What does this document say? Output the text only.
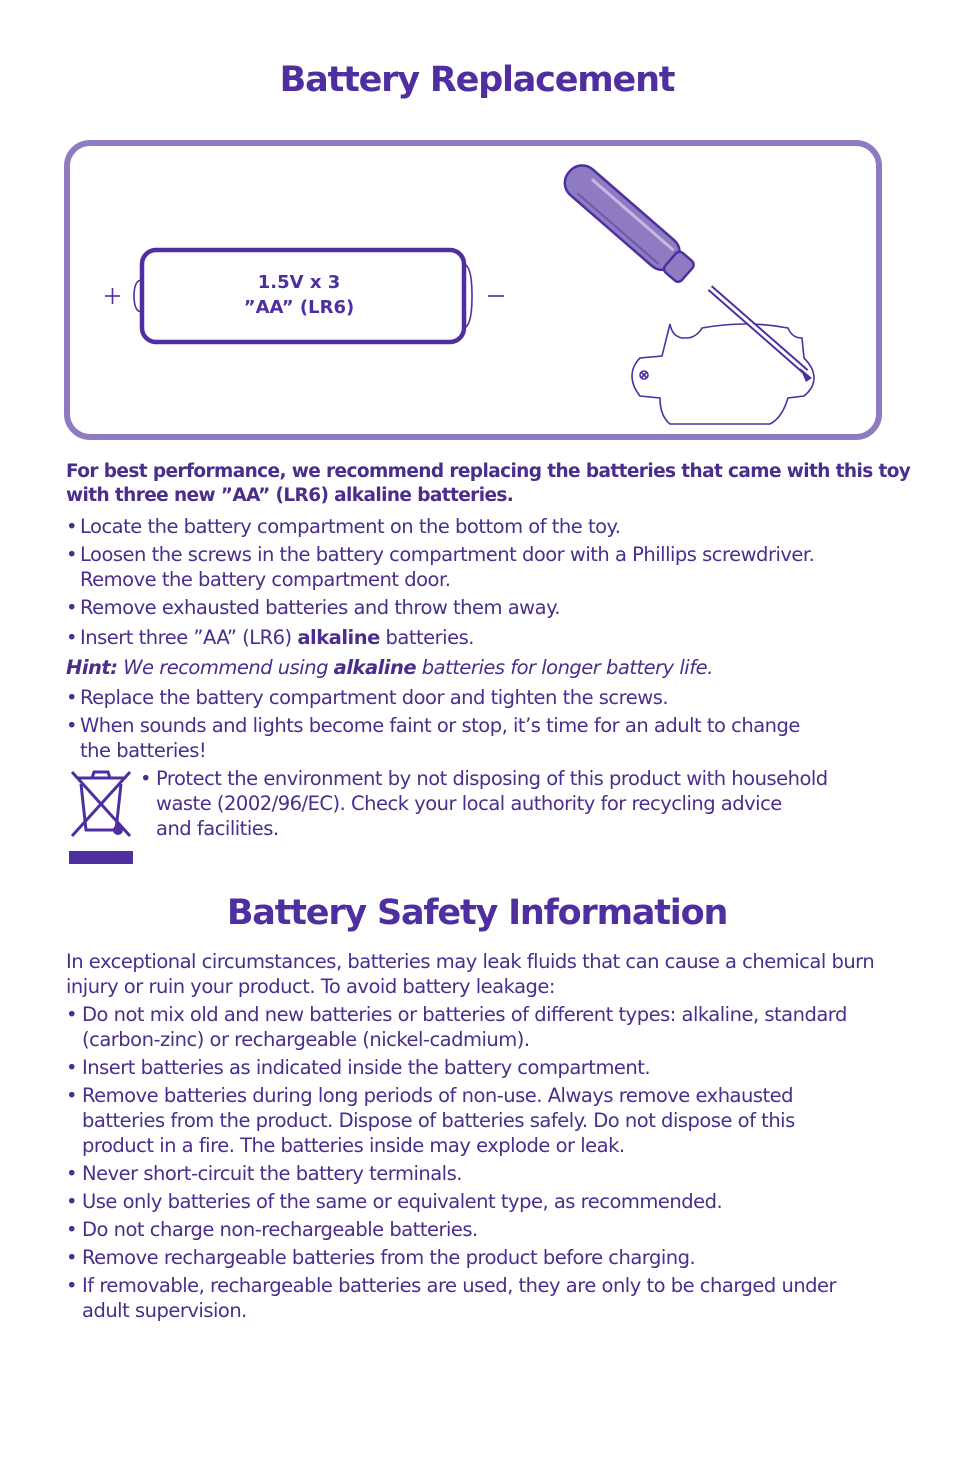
Battery Replacement
1.5V x 3
”AA” (LR6)
For best performance, we recommend replacing the batteries that came with this toy
with three new ”AA” (LR6) alkaline batteries.
• Locate the battery compartment on the bottom of the toy.
• Loosen the screws in the battery compartment door with a Phillips screwdriver.
Remove the battery compartment door.
• Remove exhausted batteries and throw them away.
• Insert three ”AA” (LR6) alkaline batteries.
Hint: We recommend using alkaline batteries for longer battery life.
• Replace the battery compartment door and tighten the screws.
• When sounds and lights become faint or stop, it’s time for an adult to change
the batteries!
• Protect the environment by not disposing of this product with household
waste (2002/96/EC). Check your local authority for recycling advice
and facilities.
Battery Safety Information
In exceptional circumstances, batteries may leak fluids that can cause a chemical burn
injury or ruin your product. To avoid battery leakage:
• Do not mix old and new batteries or batteries of different types: alkaline, standard
(carbon-zinc) or rechargeable (nickel-cadmium).
• Insert batteries as indicated inside the battery compartment.
• Remove batteries during long periods of non-use. Always remove exhausted
batteries from the product. Dispose of batteries safely. Do not dispose of this
product in a fire. The batteries inside may explode or leak.
• Never short-circuit the battery terminals.
• Use only batteries of the same or equivalent type, as recommended.
• Do not charge non-rechargeable batteries.
• Remove rechargeable batteries from the product before charging.
• If removable, rechargeable batteries are used, they are only to be charged under
adult supervision.
